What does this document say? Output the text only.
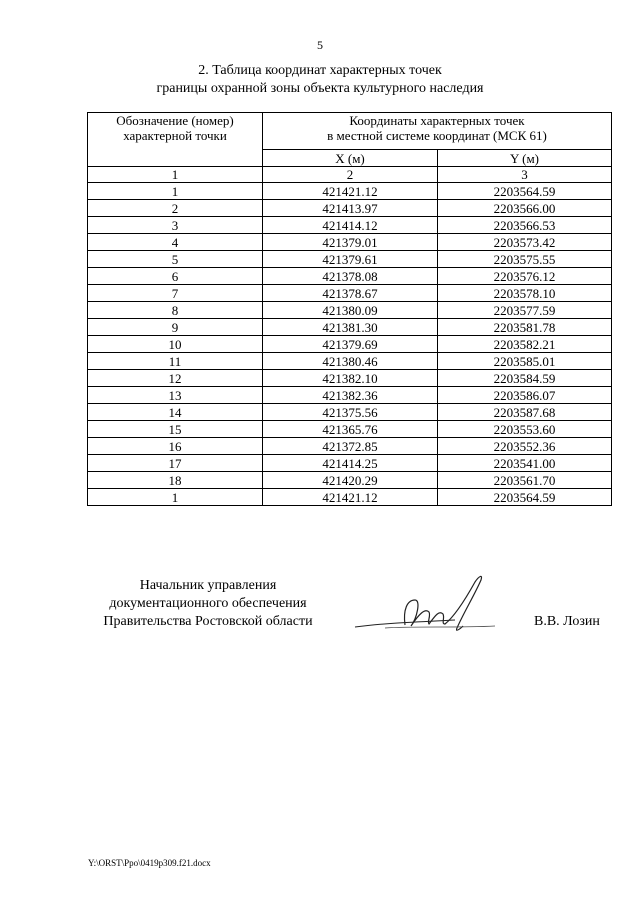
5
2. Таблица координат характерных точек
границы охранной зоны объекта культурного наследия
Обозначение (номер)
характерной точки	Координаты характерных точек
в местной системе координат (МСК 61)	

	X (м)	Y (м)
1	2	3
1	421421.12	2203564.59
2	421413.97	2203566.00
3	421414.12	2203566.53
4	421379.01	2203573.42
5	421379.61	2203575.55
6	421378.08	2203576.12
7	421378.67	2203578.10
8	421380.09	2203577.59
9	421381.30	2203581.78
10	421379.69	2203582.21
11	421380.46	2203585.01
12	421382.10	2203584.59
13	421382.36	2203586.07
14	421375.56	2203587.68
15	421365.76	2203553.60
16	421372.85	2203552.36
17	421414.25	2203541.00
18	421420.29	2203561.70
1	421421.12	2203564.59
Начальник управления
документационного обеспечения
Правительства Ростовской области	В.В. Лозин
Y:\ORST\Ppo\0419p309.f21.docx
